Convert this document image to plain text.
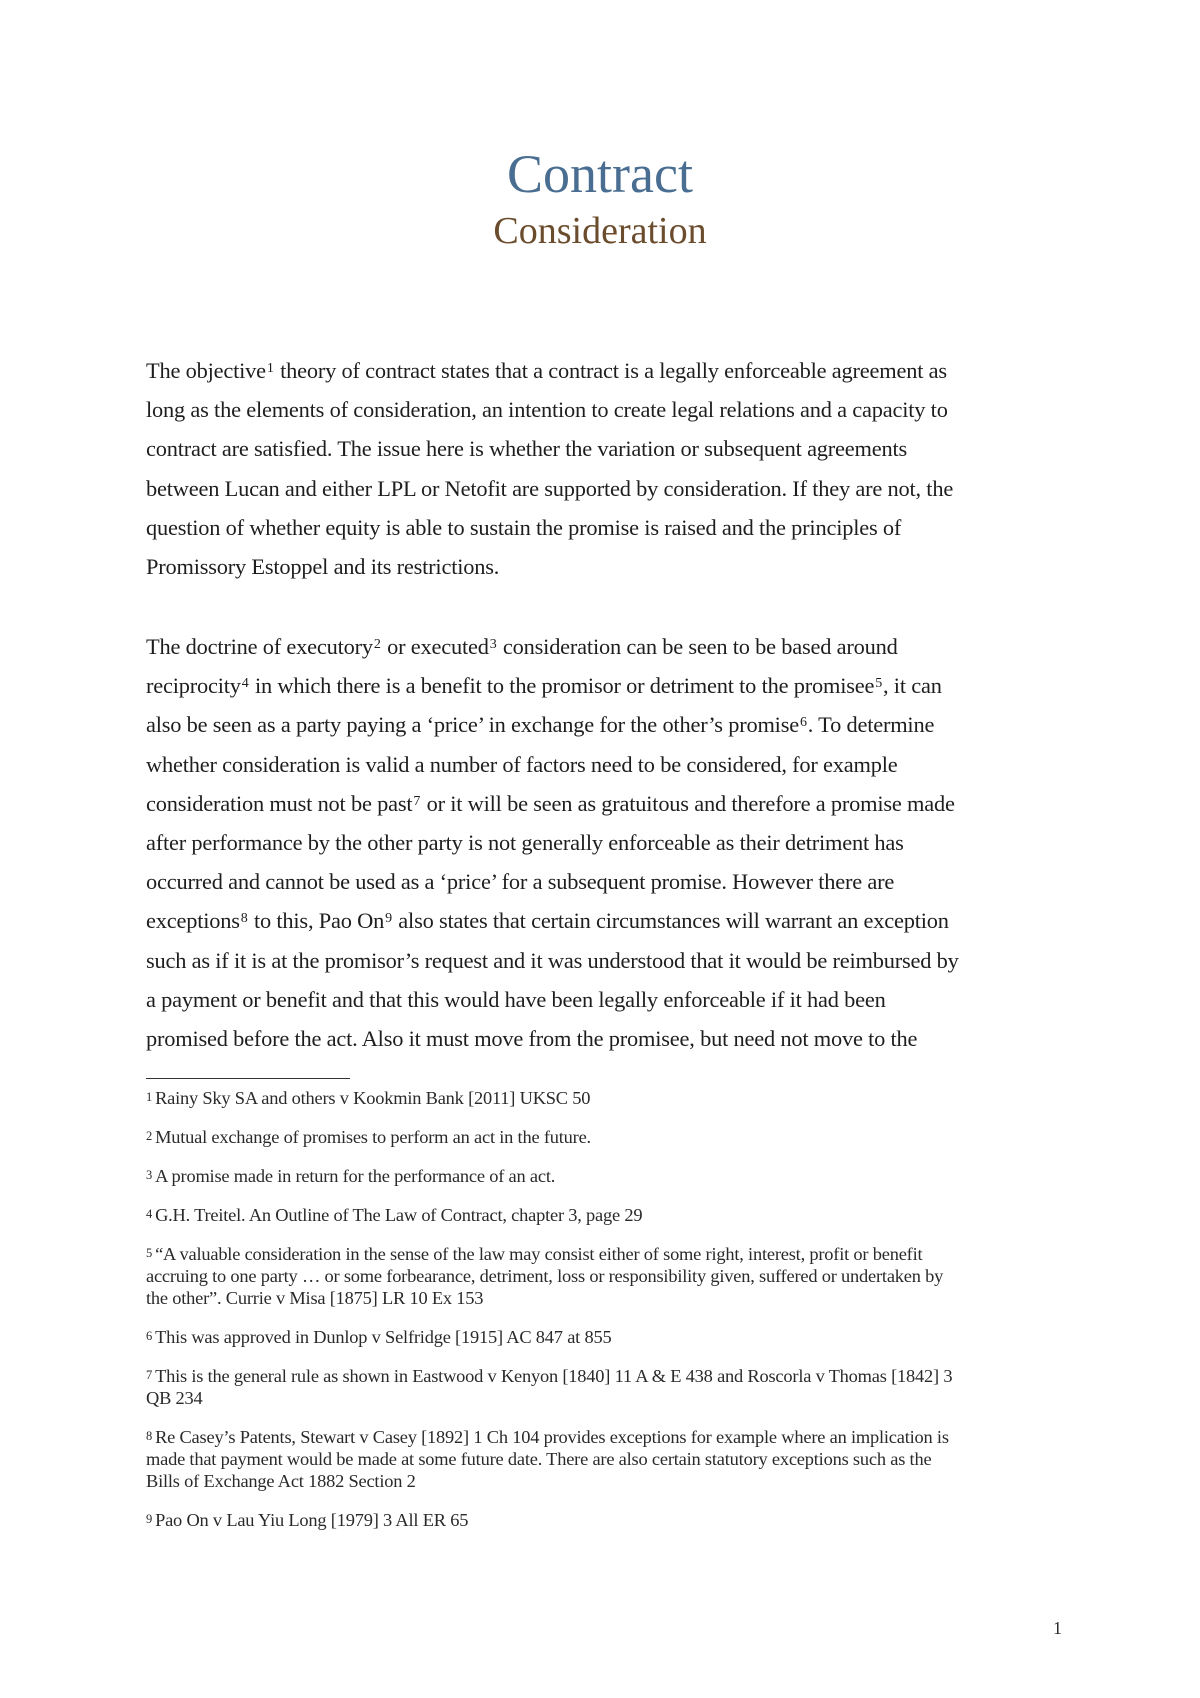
Contract
Consideration
The objective$^1$ theory of contract states that a contract is a legally enforceable agreement as
long as the elements of consideration, an intention to create legal relations and a capacity to
contract are satisfied. The issue here is whether the variation or subsequent agreements
between Lucan and either LPL or Netofit are supported by consideration. If they are not, the
question of whether equity is able to sustain the promise is raised and the principles of
Promissory Estoppel and its restrictions.
The doctrine of executory$^2$ or executed$^3$ consideration can be seen to be based around
reciprocity$^4$ in which there is a benefit to the promisor or detriment to the promisee$^5$, it can
also be seen as a party paying a ‘price’ in exchange for the other’s promise$^6$. To determine
whether consideration is valid a number of factors need to be considered, for example
consideration must not be past$^7$ or it will be seen as gratuitous and therefore a promise made
after performance by the other party is not generally enforceable as their detriment has
occurred and cannot be used as a ‘price’ for a subsequent promise. However there are
exceptions$^8$ to this, Pao On$^9$ also states that certain circumstances will warrant an exception
such as if it is at the promisor’s request and it was understood that it would be reimbursed by
a payment or benefit and that this would have been legally enforceable if it had been
promised before the act. Also it must move from the promisee, but need not move to the
1 Rainy Sky SA and others v Kookmin Bank [2011] UKSC 50
2 Mutual exchange of promises to perform an act in the future.
3 A promise made in return for the performance of an act.
4 G.H. Treitel. An Outline of The Law of Contract, chapter 3, page 29
5 “A valuable consideration in the sense of the law may consist either of some right, interest, profit or benefit
accruing to one party … or some forbearance, detriment, loss or responsibility given, suffered or undertaken by
the other”. Currie v Misa [1875] LR 10 Ex 153
6 This was approved in Dunlop v Selfridge [1915] AC 847 at 855
7 This is the general rule as shown in Eastwood v Kenyon [1840] 11 A & E 438 and Roscorla v Thomas [1842] 3
QB 234
8 Re Casey’s Patents, Stewart v Casey [1892] 1 Ch 104 provides exceptions for example where an implication is
made that payment would be made at some future date. There are also certain statutory exceptions such as the
Bills of Exchange Act 1882 Section 2
9 Pao On v Lau Yiu Long [1979] 3 All ER 65
1
